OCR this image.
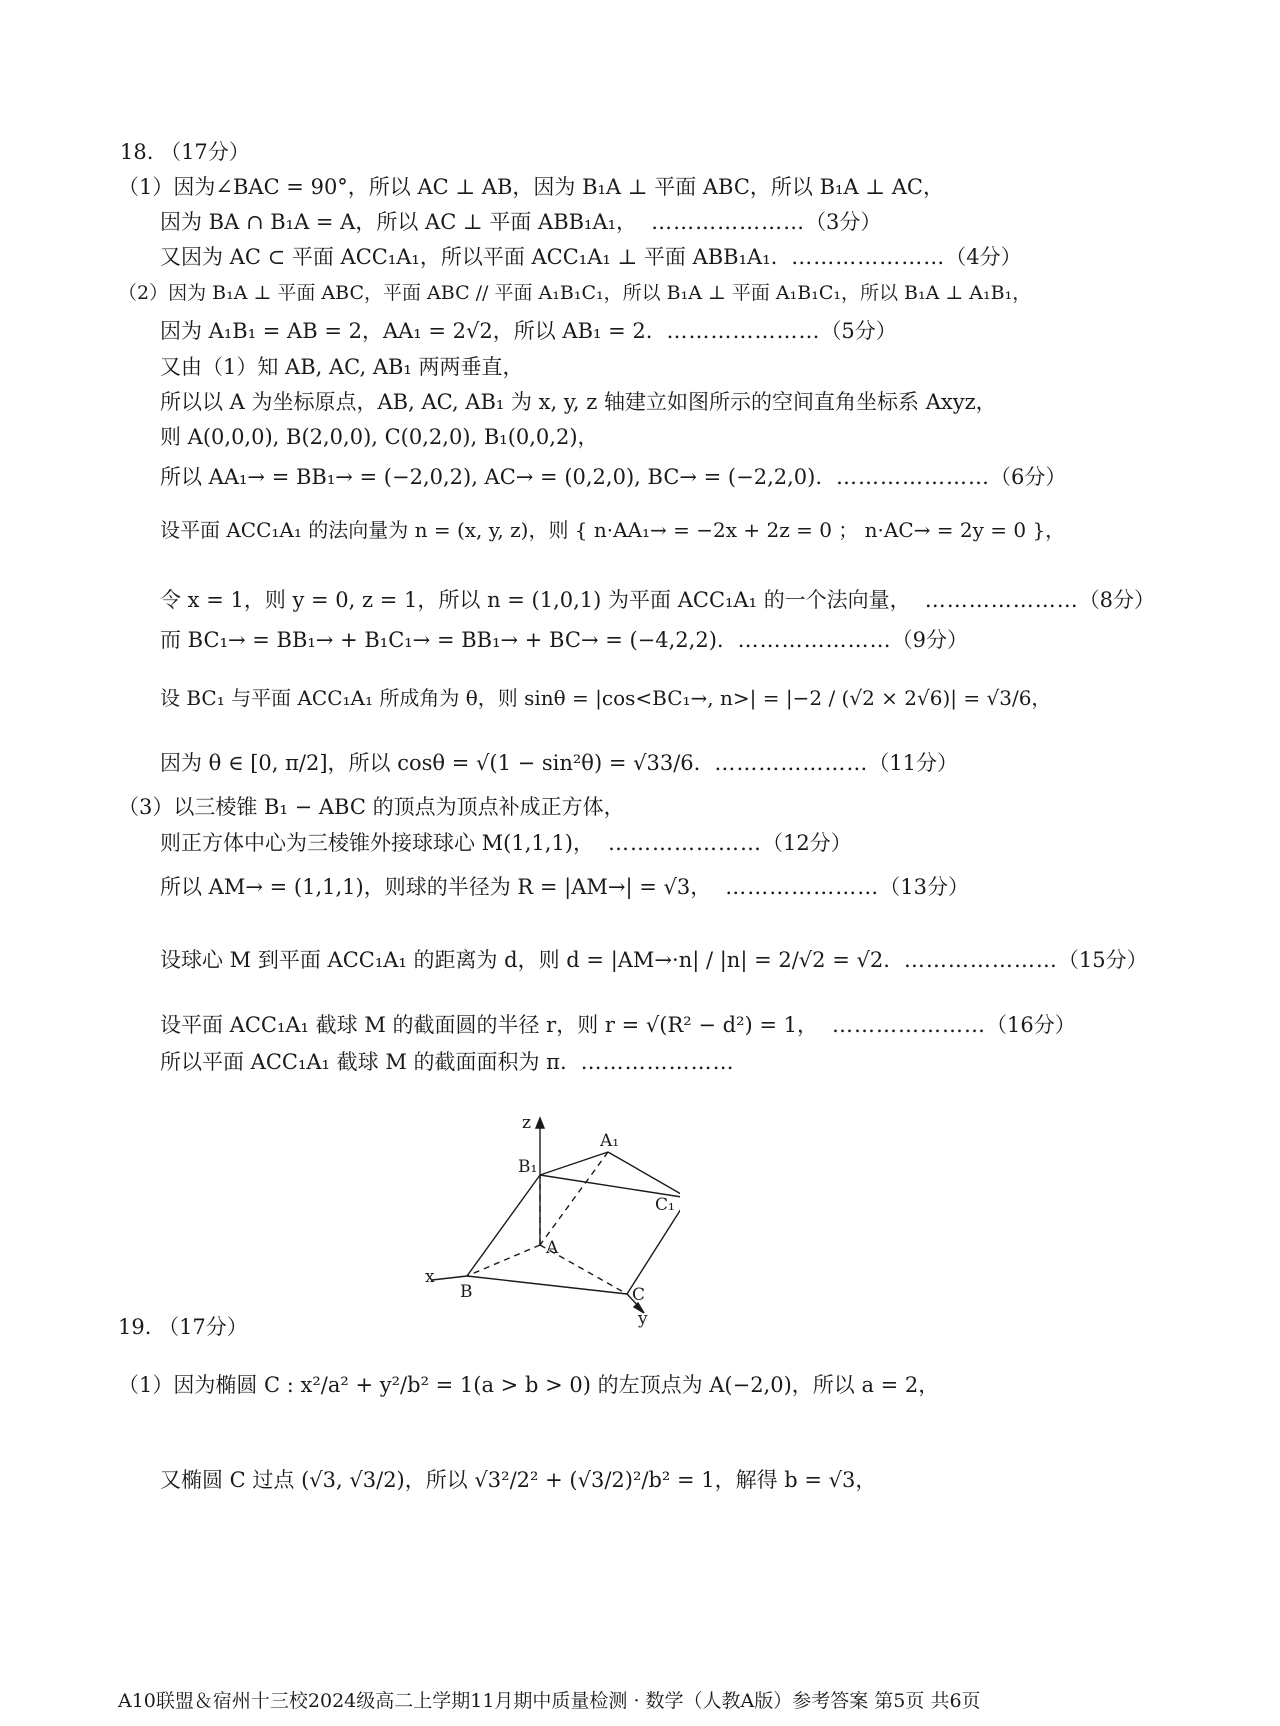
18. （17分）
（1）因为∠BAC = 90°，所以 AC ⊥ AB，因为 B₁A ⊥ 平面 ABC，所以 B₁A ⊥ AC，
因为 BA ∩ B₁A = A，所以 AC ⊥ 平面 ABB₁A₁， …………………（3分）
又因为 AC ⊂ 平面 ACC₁A₁，所以平面 ACC₁A₁ ⊥ 平面 ABB₁A₁. …………………（4分）
（2）因为 B₁A ⊥ 平面 ABC，平面 ABC // 平面 A₁B₁C₁，所以 B₁A ⊥ 平面 A₁B₁C₁，所以 B₁A ⊥ A₁B₁，
因为 A₁B₁ = AB = 2，AA₁ = 2√2，所以 AB₁ = 2. …………………（5分）
又由（1）知 AB, AC, AB₁ 两两垂直，
所以以 A 为坐标原点，AB, AC, AB₁ 为 x, y, z 轴建立如图所示的空间直角坐标系 Axyz，
则 A(0,0,0), B(2,0,0), C(0,2,0), B₁(0,0,2)，
所以 AA₁→ = BB₁→ = (−2,0,2), AC→ = (0,2,0), BC→ = (−2,2,0). …………………（6分）
设平面 ACC₁A₁ 的法向量为 n = (x, y, z)，则 { n·AA₁→ = −2x + 2z = 0 ； n·AC→ = 2y = 0 }，
令 x = 1，则 y = 0, z = 1，所以 n = (1,0,1) 为平面 ACC₁A₁ 的一个法向量， …………………（8分）
而 BC₁→ = BB₁→ + B₁C₁→ = BB₁→ + BC→ = (−4,2,2). …………………（9分）
设 BC₁ 与平面 ACC₁A₁ 所成角为 θ，则 sinθ = |cos<BC₁→, n>| = |−2 / (√2 × 2√6)| = √3/6，
因为 θ ∈ [0, π/2]，所以 cosθ = √(1 − sin²θ) = √33/6. …………………（11分）
（3）以三棱锥 B₁ − ABC 的顶点为顶点补成正方体，
则正方体中心为三棱锥外接球球心 M(1,1,1)， …………………（12分）
所以 AM→ = (1,1,1)，则球的半径为 R = |AM→| = √3， …………………（13分）
设球心 M 到平面 ACC₁A₁ 的距离为 d，则 d = |AM→·n| / |n| = 2/√2 = √2. …………………（15分）
设平面 ACC₁A₁ 截球 M 的截面圆的半径 r，则 r = √(R² − d²) = 1， …………………（16分）
所以平面 ACC₁A₁ 截球 M 的截面面积为 π. …………………
z
B₁
A₁
C₁
A
B	C
x
y
19. （17分）
（1）因为椭圆 C : x²/a² + y²/b² = 1(a > b > 0) 的左顶点为 A(−2,0)，所以 a = 2，
又椭圆 C 过点 (√3, √3/2)，所以 √3²/2² + (√3/2)²/b² = 1，解得 b = √3，
A10联盟＆宿州十三校2024级高二上学期11月期中质量检测 · 数学（人教A版）参考答案 第5页 共6页
